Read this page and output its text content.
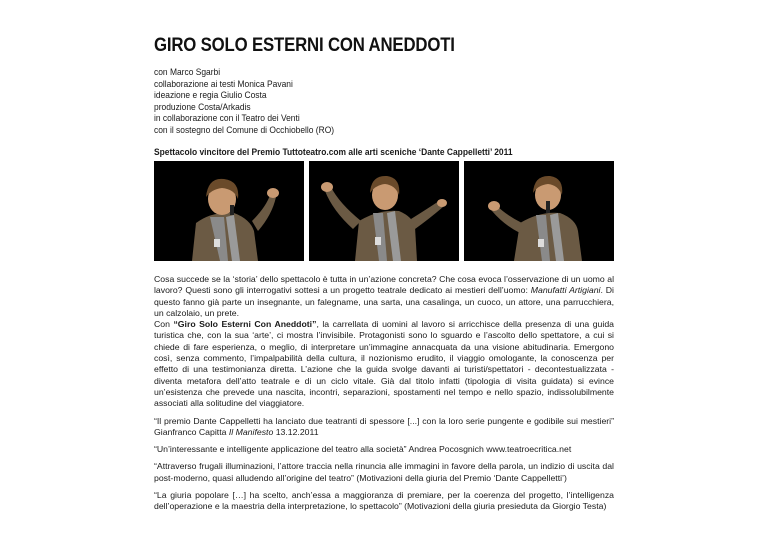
GIRO SOLO ESTERNI CON ANEDDOTI
con Marco Sgarbi
collaborazione ai testi Monica Pavani
ideazione e regia Giulio Costa
produzione Costa/Arkadis
in collaborazione con il Teatro dei Venti
con il sostegno del Comune di Occhiobello (RO)
Spettacolo vincitore del Premio Tuttoteatro.com alle arti sceniche ‘Dante Cappelletti’ 2011

Cosa succede se la ‘storia’ dello spettacolo è tutta in un’azione concreta? Che cosa evoca l’osservazione di un uomo al lavoro? Questi sono gli interrogativi sottesi a un progetto teatrale dedicato ai mestieri dell’uomo: Manufatti Artigiani. Di questo fanno già parte un insegnante, un falegname, una sarta, una casalinga, un cuoco, un attore, una parrucchiera, un calzolaio, un prete.

Con “Giro Solo Esterni Con Aneddoti”, la carrellata di uomini al lavoro si arricchisce della presenza di una guida turistica che, con la sua ‘arte’, ci mostra l’invisibile. Protagonisti sono lo sguardo e l’ascolto dello spettatore, a cui si chiede di fare esperienza, o meglio, di interpretare un’immagine annacquata da una visione abitudinaria. Emergono così, senza commento, l’impalpabilità della cultura, il nozionismo erudito, il viaggio omologante, la conoscenza per effetto di una testimonianza diretta. L’azione che la guida svolge davanti ai turisti/spettatori - decontestualizzata - diventa metafora dell’atto teatrale e di un ciclo vitale. Già dal titolo infatti (tipologia di visita guidata) si evince un’esistenza che prevede una nascita, incontri, separazioni, spostamenti nel tempo e nello spazio, indissolubilmente associati alla solitudine del viaggiatore.

“Il premio Dante Cappelletti ha lanciato due teatranti di spessore [...] con la loro serie pungente e godibile sui mestieri” Gianfranco Capitta Il Manifesto 13.12.2011

“Un’interessante e intelligente applicazione del teatro alla società” Andrea Pocosgnich www.teatroecritica.net

“Attraverso frugali illuminazioni, l’attore traccia nella rinuncia alle immagini in favore della parola, un indizio di uscita dal post-moderno, quasi alludendo all’origine del teatro” (Motivazioni della giuria del Premio ‘Dante Cappelletti’)

“La giuria popolare […] ha scelto, anch’essa a maggioranza di premiare, per la coerenza del progetto, l’intelligenza dell’operazione e la maestria della interpretazione, lo spettacolo” (Motivazioni della giuria presieduta da Giorgio Testa)
